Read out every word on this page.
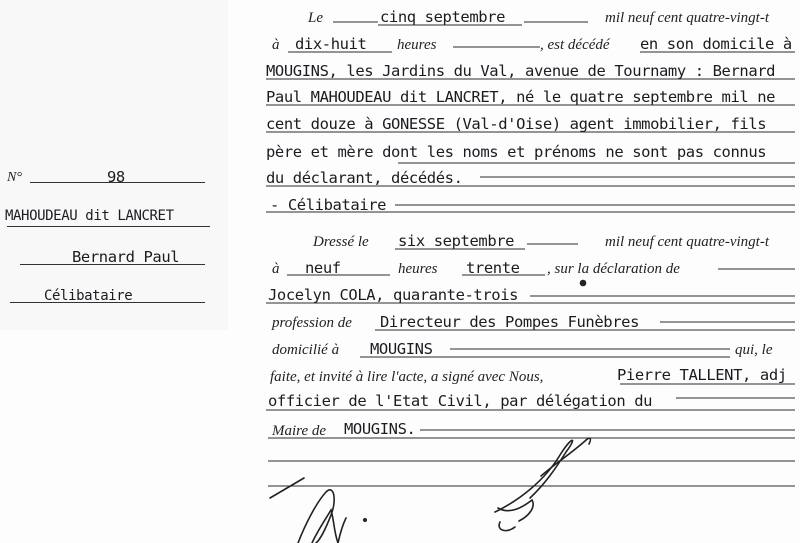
N°	98
MAHOUDEAU dit LANCRET
Bernard Paul
Célibataire
Le	cinq septembre	mil neuf cent quatre-vingt-t
à dix-huit heures	, est décédé en son domicile à
MOUGINS, les Jardins du Val, avenue de Tournamy : Bernard
Paul MAHOUDEAU dit LANCRET, né le quatre septembre mil ne
cent douze à GONESSE (Val-d'Oise) agent immobilier, fils
père et mère dont les noms et prénoms ne sont pas connus
du déclarant, décédés.
- Célibataire
Dressé le six septembre	mil neuf cent quatre-vingt-t
à neuf	heures trente , sur la déclaration de
Jocelyn COLA, quarante-trois
profession de Directeur des Pompes Funèbres
domicilié à MOUGINS	qui, le
faite, et invité à lire l'acte, a signé avec Nous,	Pierre TALLENT, adj
officier de l'Etat Civil, par délégation du
Maire de MOUGINS.
